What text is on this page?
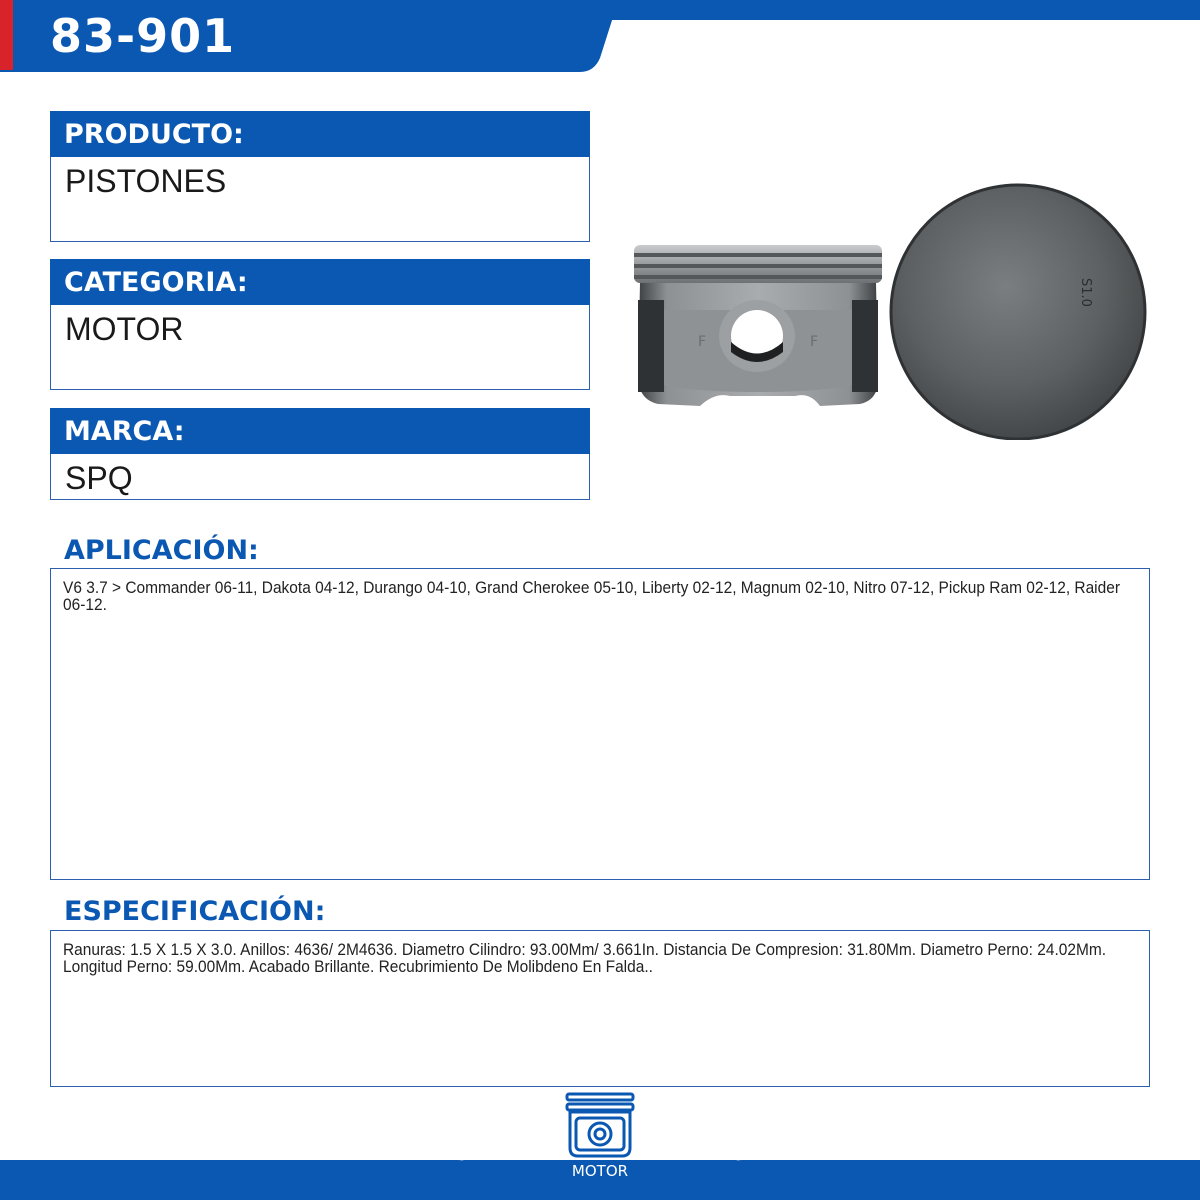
83-901
PRODUCTO:
PISTONES
CATEGORIA:
MOTOR
MARCA:
SPQ
F	F
S1.0
APLICACIÓN:
V6 3.7 > Commander 06-11, Dakota 04-12, Durango 04-10, Grand Cherokee 05-10, Liberty 02-12, Magnum 02-10, Nitro 07-12, Pickup Ram 02-12, Raider 06-12.
ESPECIFICACIÓN:
Ranuras: 1.5 X 1.5 X 3.0. Anillos: 4636/ 2M4636. Diametro Cilindro: 93.00Mm/ 3.661In. Distancia De Compresion: 31.80Mm. Diametro Perno: 24.02Mm. Longitud Perno: 59.00Mm. Acabado Brillante. Recubrimiento De Molibdeno En Falda..
MOTOR
